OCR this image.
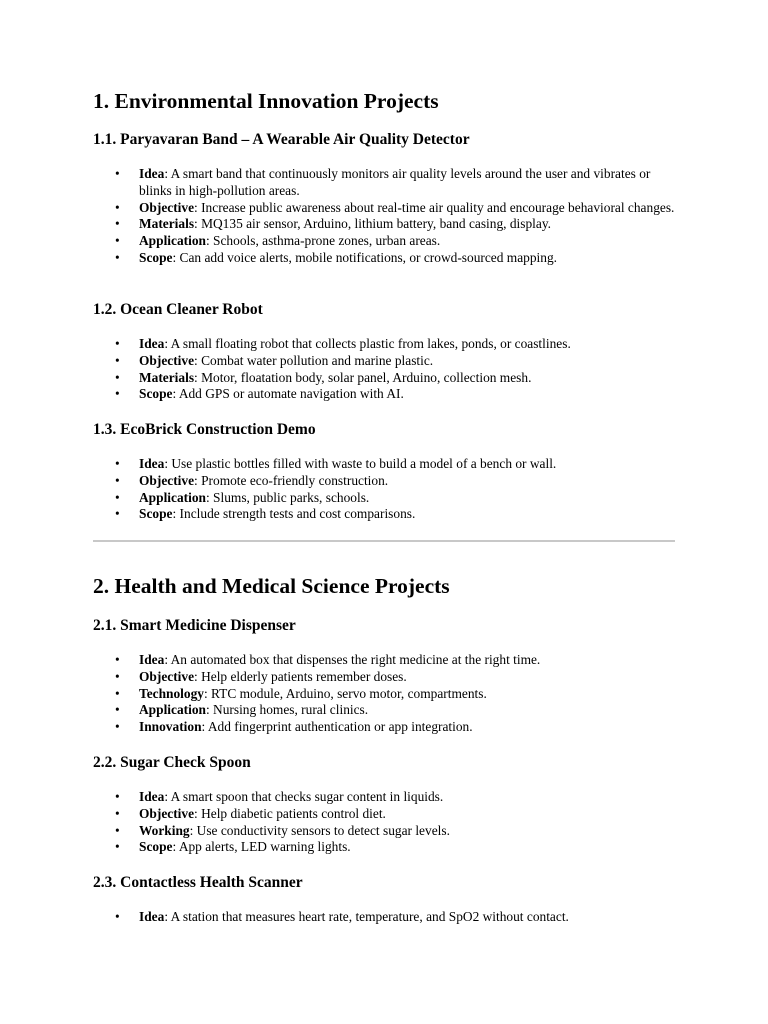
1. Environmental Innovation Projects
1.1. Paryavaran Band – A Wearable Air Quality Detector
• Idea: A smart band that continuously monitors air quality levels around the user and vibrates or blinks in high-pollution areas.
• Objective: Increase public awareness about real-time air quality and encourage behavioral changes.
• Materials: MQ135 air sensor, Arduino, lithium battery, band casing, display.
• Application: Schools, asthma-prone zones, urban areas.
• Scope: Can add voice alerts, mobile notifications, or crowd-sourced mapping.
1.2. Ocean Cleaner Robot
• Idea: A small floating robot that collects plastic from lakes, ponds, or coastlines.
• Objective: Combat water pollution and marine plastic.
• Materials: Motor, floatation body, solar panel, Arduino, collection mesh.
• Scope: Add GPS or automate navigation with AI.
1.3. EcoBrick Construction Demo
• Idea: Use plastic bottles filled with waste to build a model of a bench or wall.
• Objective: Promote eco-friendly construction.
• Application: Slums, public parks, schools.
• Scope: Include strength tests and cost comparisons.
2. Health and Medical Science Projects
2.1. Smart Medicine Dispenser
• Idea: An automated box that dispenses the right medicine at the right time.
• Objective: Help elderly patients remember doses.
• Technology: RTC module, Arduino, servo motor, compartments.
• Application: Nursing homes, rural clinics.
• Innovation: Add fingerprint authentication or app integration.
2.2. Sugar Check Spoon
• Idea: A smart spoon that checks sugar content in liquids.
• Objective: Help diabetic patients control diet.
• Working: Use conductivity sensors to detect sugar levels.
• Scope: App alerts, LED warning lights.
2.3. Contactless Health Scanner
• Idea: A station that measures heart rate, temperature, and SpO2 without contact.
